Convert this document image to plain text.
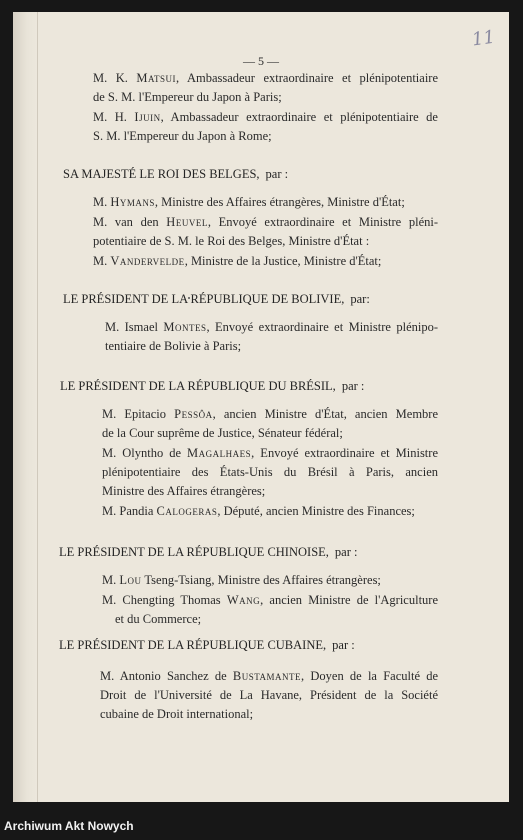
— 5 —
11
M. K. Matsui, Ambassadeur extraordinaire et plénipotentiaire
de S. M. l'Empereur du Japon à Paris;
M. H. Ijuin, Ambassadeur extraordinaire et plénipotentiaire de
S. M. l'Empereur du Japon à Rome;
SA MAJESTÉ LE ROI DES BELGES, par :
M. Hymans, Ministre des Affaires étrangères, Ministre d'État;
M. van den Heuvel, Envoyé extraordinaire et Ministre pléni-
potentiaire de S. M. le Roi des Belges, Ministre d'État :
M. Vandervelde, Ministre de la Justice, Ministre d'État;
LE PRÉSIDENT DE LA RÉPUBLIQUE DE BOLIVIE, par:
M. Ismael Montes, Envoyé extraordinaire et Ministre plénipo-
tentiaire de Bolivie à Paris;
LE PRÉSIDENT DE LA RÉPUBLIQUE DU BRÉSIL, par :
M. Epitacio Pessôa, ancien Ministre d'État, ancien Membre
de la Cour suprême de Justice, Sénateur fédéral;
M. Olyntho de Magalhaes, Envoyé extraordinaire et Ministre
plénipotentiaire des États-Unis du Brésil à Paris, ancien
Ministre des Affaires étrangères;
M. Pandia Calogeras, Député, ancien Ministre des Finances;
LE PRÉSIDENT DE LA RÉPUBLIQUE CHINOISE, par :
M. Lou Tseng-Tsiang, Ministre des Affaires étrangères;
M. Chengting Thomas Wang, ancien Ministre de l'Agriculture
et du Commerce;
LE PRÉSIDENT DE LA RÉPUBLIQUE CUBAINE, par :
M. Antonio Sanchez de Bustamante, Doyen de la Faculté de
Droit de l'Université de La Havane, Président de la Société
cubaine de Droit international;
Archiwum Akt Nowych
